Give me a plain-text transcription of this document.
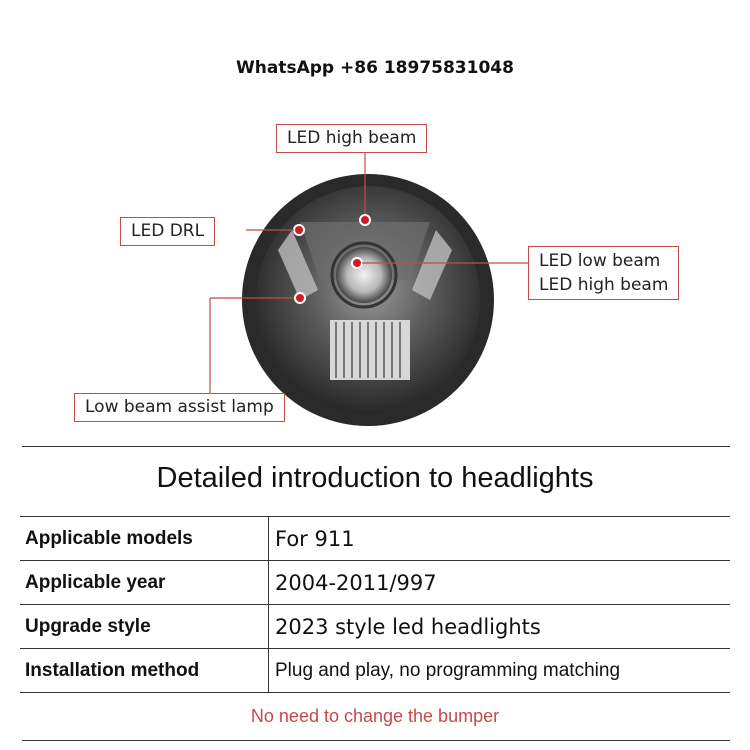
WhatsApp +86 18975831048
LED high beam
LED DRL
LED low beam
LED high beam
Low beam assist lamp
Detailed introduction to headlights
Applicable models	For 911
Applicable year	2004-2011/997
Upgrade style	2023 style led headlights
Installation method	Plug and play, no programming matching
No need to change the bumper
